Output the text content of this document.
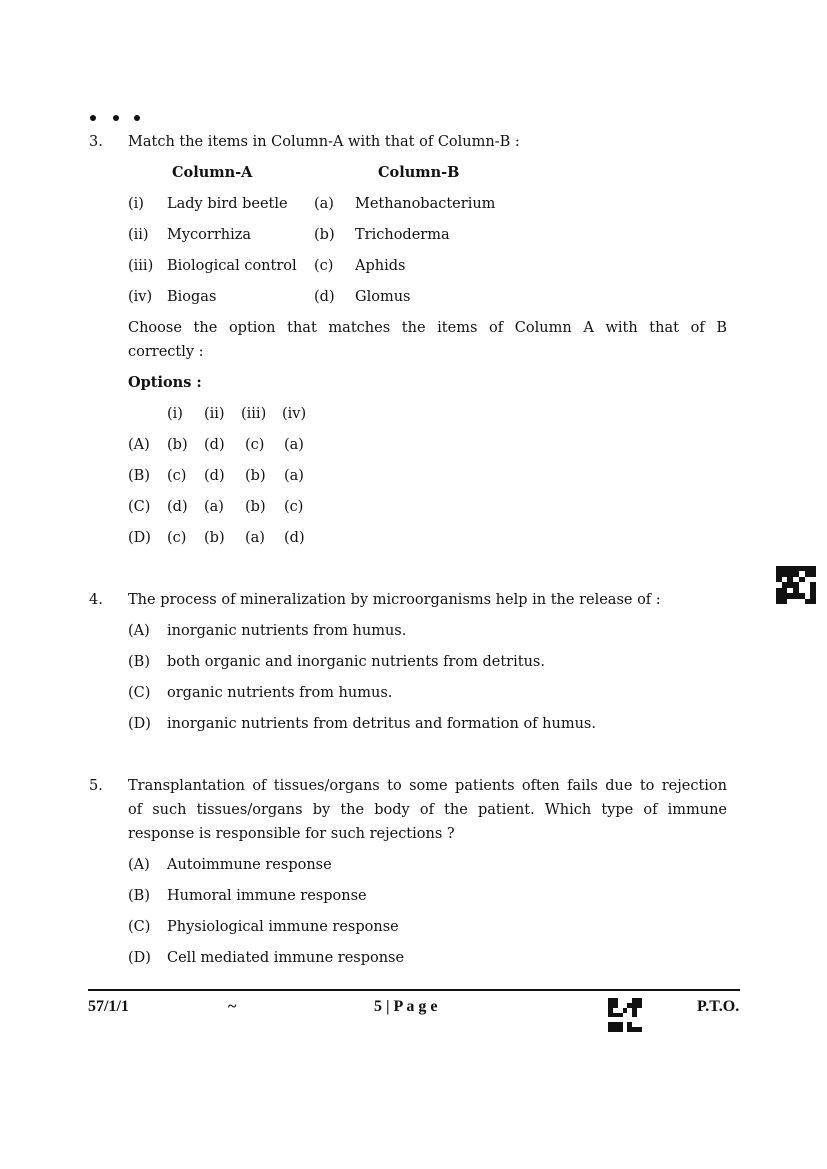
3. Match the items in Column-A with that of Column-B :
Column-A	Column-B
(i) Lady bird beetle (a) Methanobacterium
(ii) Mycorrhiza	(b) Trichoderma
(iii) Biological control (c) Aphids
(iv) Biogas	(d) Glomus
Choose the option that matches the items of Column A with that of B
correctly :
Options :
(i) (ii) (iii) (iv)
(A) (b) (d) (c) (a)
(B) (c) (d) (b) (a)
(C) (d) (a) (b) (c)
(D) (c) (b) (a) (d)
4. The process of mineralization by microorganisms help in the release of :
(A) inorganic nutrients from humus.
(B) both organic and inorganic nutrients from detritus.
(C) organic nutrients from humus.
(D) inorganic nutrients from detritus and formation of humus.
5. Transplantation of tissues/organs to some patients often fails due to rejection
of such tissues/organs by the body of the patient. Which type of immune
response is responsible for such rejections ?
(A) Autoimmune response
(B) Humoral immune response
(C) Physiological immune response
(D) Cell mediated immune response
57/1/1	~	5 | P a g e	P.T.O.
